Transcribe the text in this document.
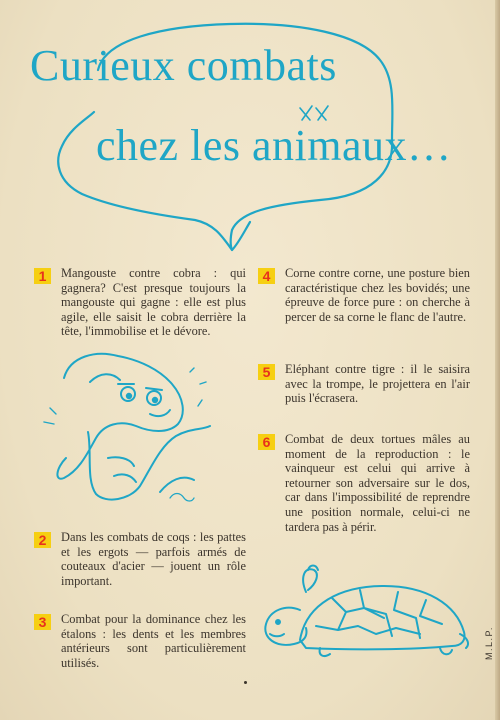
Curieux combats
chez les animaux…
1	Mangouste contre cobra : qui gagnera? C'est presque toujours la mangouste qui gagne : elle est plus agile, elle saisit le cobra derrière la tête, l'immobilise et le dévore.
4	Corne contre corne, une posture bien caractéristique chez les bovidés; une épreuve de force pure : on cherche à percer de sa corne le flanc de l'autre.
5	Eléphant contre tigre : il le saisira avec la trompe, le projettera en l'air puis l'écrasera.
6	Combat de deux tortues mâles au moment de la reproduction : le vainqueur est celui qui arrive à retourner son adversaire sur le dos, car dans l'impossibilité de reprendre une position normale, celui-ci ne tardera pas à périr.
2	Dans les combats de coqs : les pattes et les ergots — parfois armés de couteaux d'acier — jouent un rôle important.
3	Combat pour la dominance chez les étalons : les dents et les membres antérieurs sont particulièrement utilisés.
M.L.P.
